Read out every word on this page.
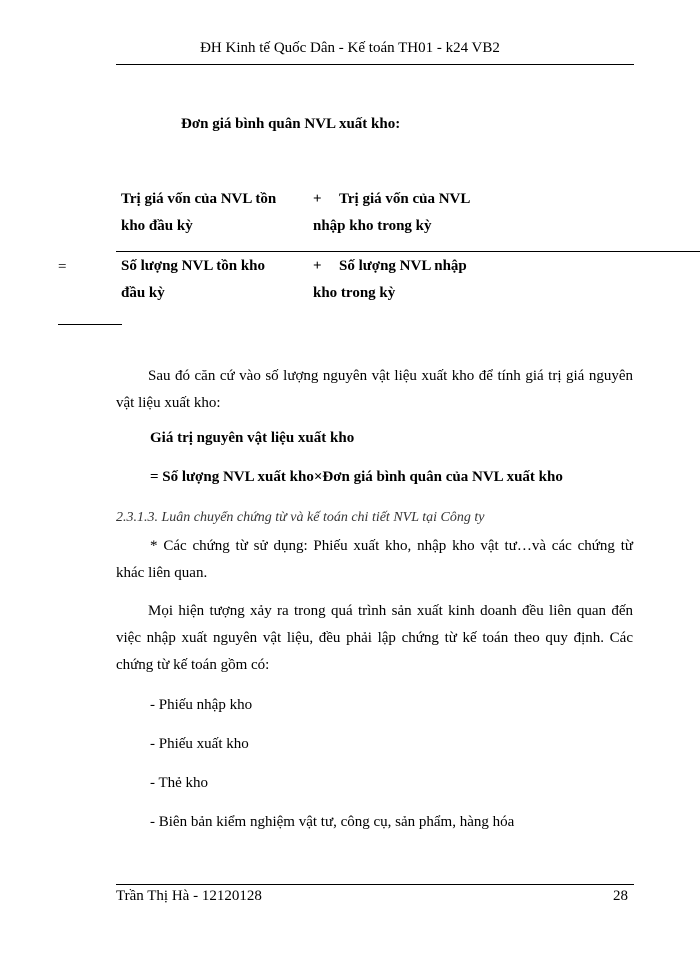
ĐH Kinh tế Quốc Dân - Kế toán TH01 - k24 VB2
Đơn giá bình quân NVL xuất kho:
Trị giá vốn của NVL tồn
kho đầu kỳ
+ Trị giá vốn của NVL
nhập kho trong kỳ
=	Số lượng NVL tồn kho
đầu kỳ
+ Số lượng NVL nhập
kho trong kỳ
Sau đó căn cứ vào số lượng nguyên vật liệu xuất kho để tính giá trị giá nguyên vật liệu xuất kho:
Giá trị nguyên vật liệu xuất kho
= Số lượng NVL xuất kho×Đơn giá bình quân của NVL xuất kho
2.3.1.3. Luân chuyển chứng từ và kế toán chi tiết NVL tại Công ty
* Các chứng từ sử dụng: Phiếu xuất kho, nhập kho vật tư…và các chứng từ khác liên quan.
Mọi hiện tượng xảy ra trong quá trình sản xuất kinh doanh đều liên quan đến việc nhập xuất nguyên vật liệu, đều phải lập chứng từ kế toán theo quy định. Các chứng từ kế toán gồm có:
- Phiếu nhập kho
- Phiếu xuất kho
- Thẻ kho
- Biên bản kiểm nghiệm vật tư, công cụ, sản phẩm, hàng hóa
Trần Thị Hà - 12120128	28
